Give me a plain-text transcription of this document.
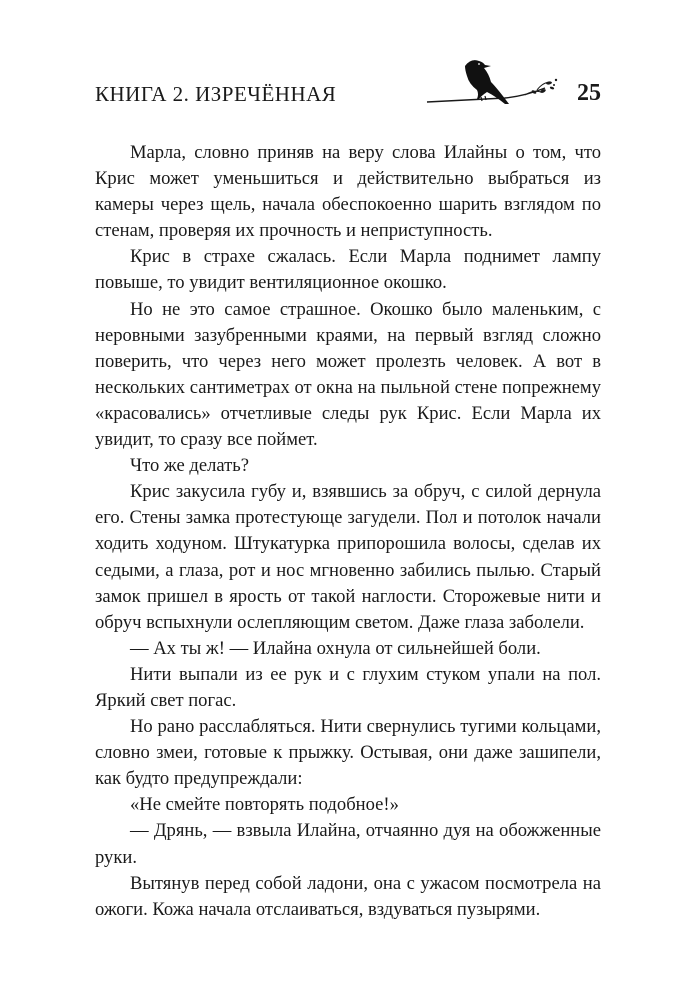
КНИГА 2. ИЗРЕЧЁННАЯ	25

Марла, словно приняв на веру слова Илайны о том, что Крис может уменьшиться и действительно выбраться из камеры через щель, начала обеспокоенно шарить взглядом по стенам, проверяя их прочность и неприступность.

Крис в страхе сжалась. Если Марла поднимет лампу повыше, то увидит вентиляционное окошко.

Но не это самое страшное. Окошко было маленьким, с неровными зазубренными краями, на первый взгляд сложно поверить, что через него может пролезть человек. А вот в нескольких сантиметрах от окна на пыльной стене попрежнему «красовались» отчетливые следы рук Крис. Если Марла их увидит, то сразу все поймет.

Что же делать?

Крис закусила губу и, взявшись за обруч, с силой дернула его. Стены замка протестующе загудели. Пол и потолок начали ходить ходуном. Штукатурка припорошила волосы, сделав их седыми, а глаза, рот и нос мгновенно забились пылью. Старый замок пришел в ярость от такой наглости. Сторожевые нити и обруч вспыхнули ослепляющим светом. Даже глаза заболели.

— Ах ты ж! — Илайна охнула от сильнейшей боли.

Нити выпали из ее рук и с глухим стуком упали на пол. Яркий свет погас.

Но рано расслабляться. Нити свернулись тугими кольцами, словно змеи, готовые к прыжку. Остывая, они даже зашипели, как будто предупреждали:

«Не смейте повторять подобное!»

— Дрянь, — взвыла Илайна, отчаянно дуя на обожженные руки.

Вытянув перед собой ладони, она с ужасом посмотрела на ожоги. Кожа начала отслаиваться, вздуваться пузырями.
